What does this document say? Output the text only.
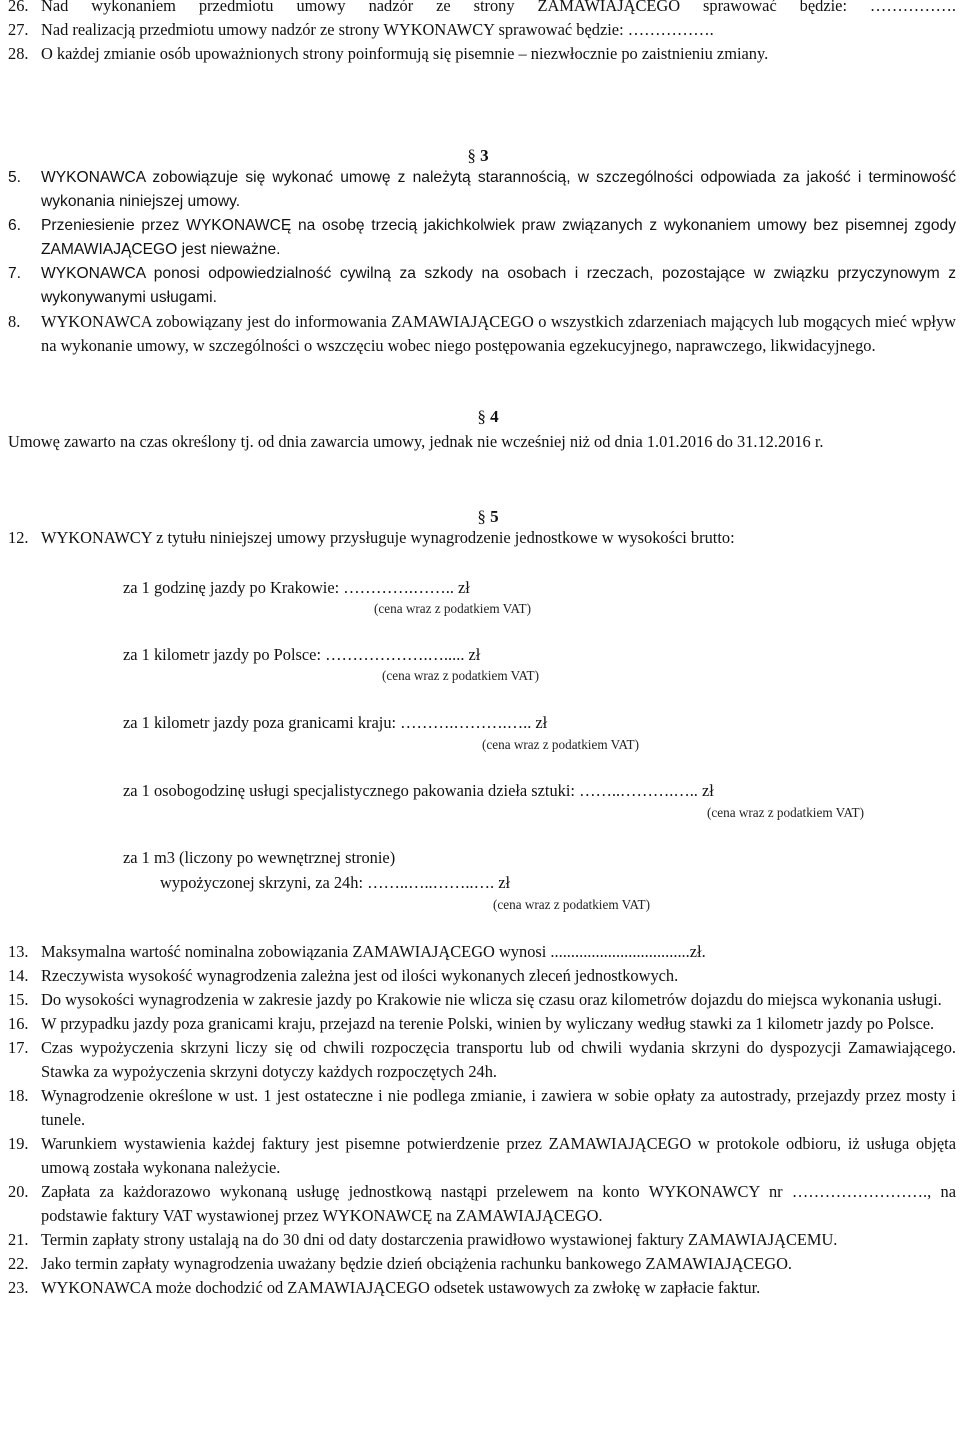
26. Nad wykonaniem przedmiotu umowy nadzór ze strony ZAMAWIAJĄCEGO sprawować będzie: …………….
27. Nad realizacją przedmiotu umowy nadzór ze strony WYKONAWCY sprawować będzie: …………….
28. O każdej zmianie osób upoważnionych strony poinformują się pisemnie – niezwłocznie po zaistnieniu zmiany.
§ 3
5.	WYKONAWCA zobowiązuje się wykonać umowę z należytą starannością, w szczególności odpowiada za jakość i terminowość wykonania niniejszej umowy.
6.	Przeniesienie przez WYKONAWCĘ na osobę trzecią jakichkolwiek praw związanych z wykonaniem umowy bez pisemnej zgody ZAMAWIAJĄCEGO jest nieważne.
7.	WYKONAWCA ponosi odpowiedzialność cywilną za szkody na osobach i rzeczach, pozostające w związku przyczynowym z wykonywanymi usługami.
8.	WYKONAWCA zobowiązany jest do informowania ZAMAWIAJĄCEGO o wszystkich zdarzeniach mających lub mogących mieć wpływ na wykonanie umowy, w szczególności o wszczęciu wobec niego postępowania egzekucyjnego, naprawczego, likwidacyjnego.
§ 4
Umowę zawarto na czas określony tj. od dnia zawarcia umowy, jednak nie wcześniej niż od dnia 1.01.2016 do 31.12.2016 r.
§ 5
12. WYKONAWCY z tytułu niniejszej umowy przysługuje wynagrodzenie jednostkowe w wysokości brutto:
za 1 godzinę jazdy po Krakowie: ………….…….. zł
(cena wraz z podatkiem VAT)
za 1 kilometr jazdy po Polsce: ……………….…..... zł
(cena wraz z podatkiem VAT)
za 1 kilometr jazdy poza granicami kraju: ……….……….….. zł
(cena wraz z podatkiem VAT)
za 1 osobogodzinę usługi specjalistycznego pakowania dzieła sztuki: ……..……….….. zł
(cena wraz z podatkiem VAT)
za 1 m3 (liczony po wewnętrznej stronie)
wypożyczonej skrzyni, za 24h: ……..…..……..…. zł
(cena wraz z podatkiem VAT)
13. Maksymalna wartość nominalna zobowiązania ZAMAWIAJĄCEGO wynosi ..................................zł.
14. Rzeczywista wysokość wynagrodzenia zależna jest od ilości wykonanych zleceń jednostkowych.
15. Do wysokości wynagrodzenia w zakresie jazdy po Krakowie nie wlicza się czasu oraz kilometrów dojazdu do miejsca wykonania usługi.
16. W przypadku jazdy poza granicami kraju, przejazd na terenie Polski, winien by wyliczany według stawki za 1 kilometr jazdy po Polsce.
17. Czas wypożyczenia skrzyni liczy się od chwili rozpoczęcia transportu lub od chwili wydania skrzyni do dyspozycji Zamawiającego. Stawka za wypożyczenia skrzyni dotyczy każdych rozpoczętych 24h.
18. Wynagrodzenie określone w ust. 1 jest ostateczne i nie podlega zmianie, i zawiera w sobie opłaty za autostrady, przejazdy przez mosty i tunele.
19. Warunkiem wystawienia każdej faktury jest pisemne potwierdzenie przez ZAMAWIAJĄCEGO w protokole odbioru, iż usługa objęta umową została wykonana należycie.
20. Zapłata za każdorazowo wykonaną usługę jednostkową nastąpi przelewem na konto WYKONAWCY nr ……………………., na podstawie faktury VAT wystawionej przez WYKONAWCĘ na ZAMAWIAJĄCEGO.
21. Termin zapłaty strony ustalają na do 30 dni od daty dostarczenia prawidłowo wystawionej faktury ZAMAWIAJĄCEMU.
22. Jako termin zapłaty wynagrodzenia uważany będzie dzień obciążenia rachunku bankowego ZAMAWIAJĄCEGO.
23. WYKONAWCA może dochodzić od ZAMAWIAJĄCEGO odsetek ustawowych za zwłokę w zapłacie faktur.
